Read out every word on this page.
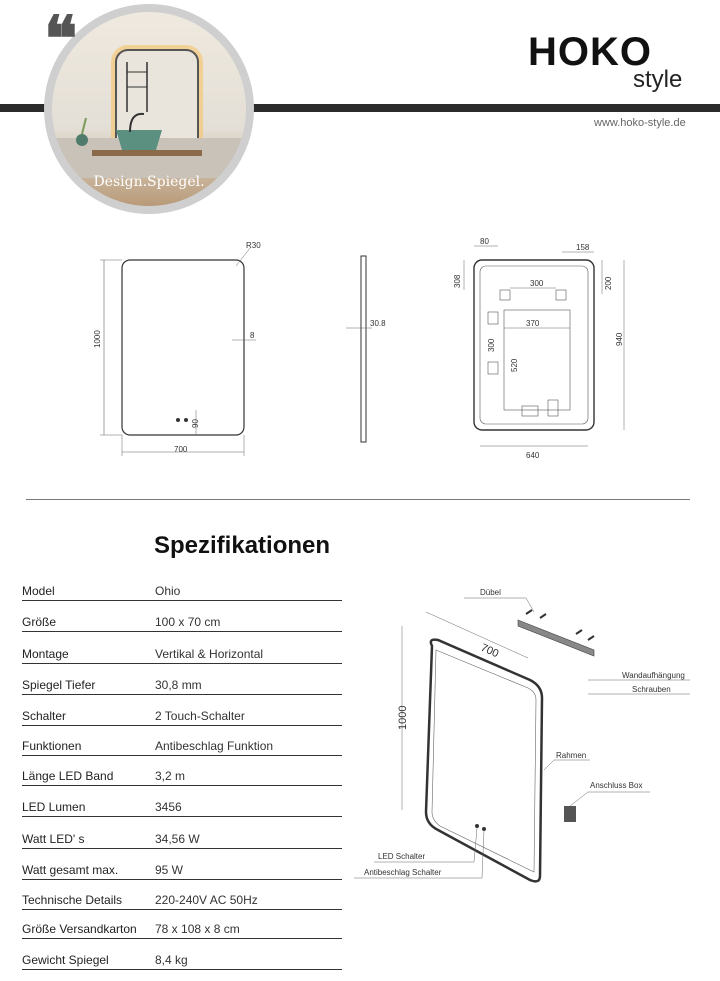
Design.Spiegel.
❝	HOKO
style
www.hoko-style.de
1000
700
R30
8
90
30.8
80
158
308	200
300
370
300
520
940
640
Spezifikationen
Model	Ohio
Größe	100 x 70 cm
Montage	Vertikal & Horizontal
Spiegel Tiefer	30,8 mm
Schalter	2 Touch-Schalter
Funktionen	Antibeschlag Funktion
Länge LED Band	3,2 m
LED Lumen	3456
Watt LED' s	34,56 W
Watt gesamt max.	95 W
Technische Details	220-240V AC 50Hz
Größe Versandkarton 78 x 108 x 8 cm
Gewicht Spiegel	8,4 kg
1000
700
Dübel
Wandaufhängung
Schrauben
Rahmen
Anschluss Box
LED Schalter
Antibeschlag Schalter
